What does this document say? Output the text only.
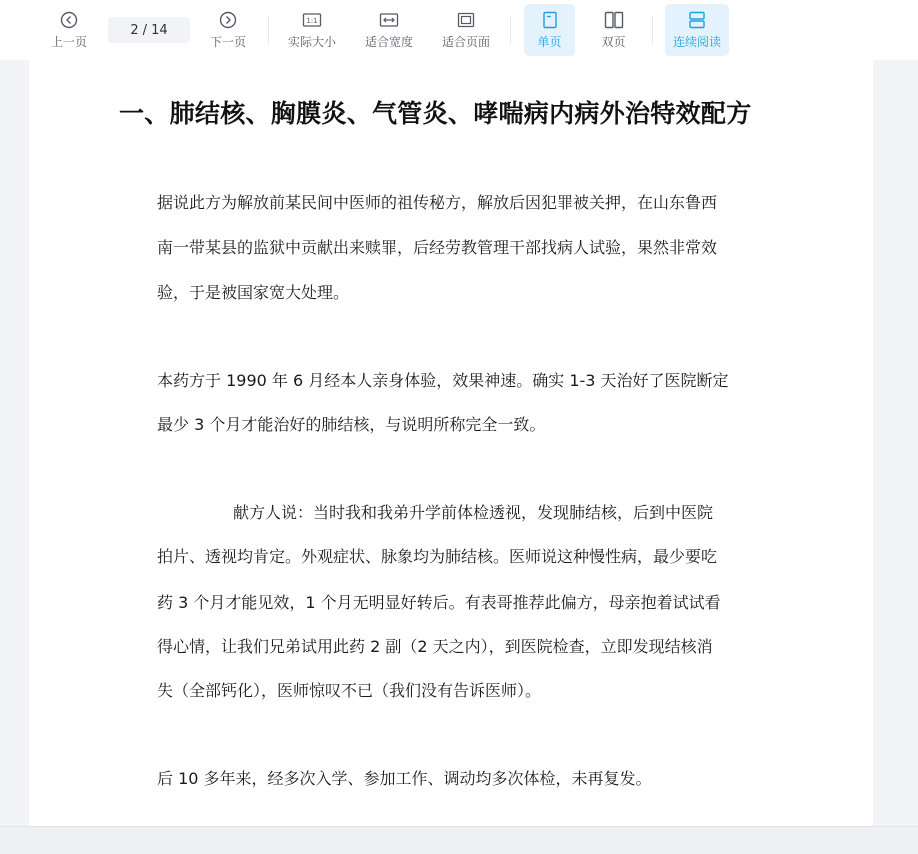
上一页
2 / 14
下一页
1:1
实际大小 适合宽度 适合页面	单页	双页	连续阅读
一、肺结核、胸膜炎、气管炎、哮喘病内病外治特效配方
据说此方为解放前某民间中医师的祖传秘方，解放后因犯罪被关押，在山东鲁西
南一带某县的监狱中贡献出来赎罪，后经劳教管理干部找病人试验，果然非常效
验，于是被国家宽大处理。
本药方于 1990 年 6 月经本人亲身体验，效果神速。确实 1-3 天治好了医院断定
最少 3 个月才能治好的肺结核，与说明所称完全一致。
献方人说：当时我和我弟升学前体检透视，发现肺结核，后到中医院
拍片、透视均肯定。外观症状、脉象均为肺结核。医师说这种慢性病，最少要吃
药 3 个月才能见效，1 个月无明显好转后。有表哥推荐此偏方，母亲抱着试试看
得心情，让我们兄弟试用此药 2 副（2 天之内），到医院检查，立即发现结核消
失（全部钙化），医师惊叹不已（我们没有告诉医师）。
后 10 多年来，经多次入学、参加工作、调动均多次体检，未再复发。
